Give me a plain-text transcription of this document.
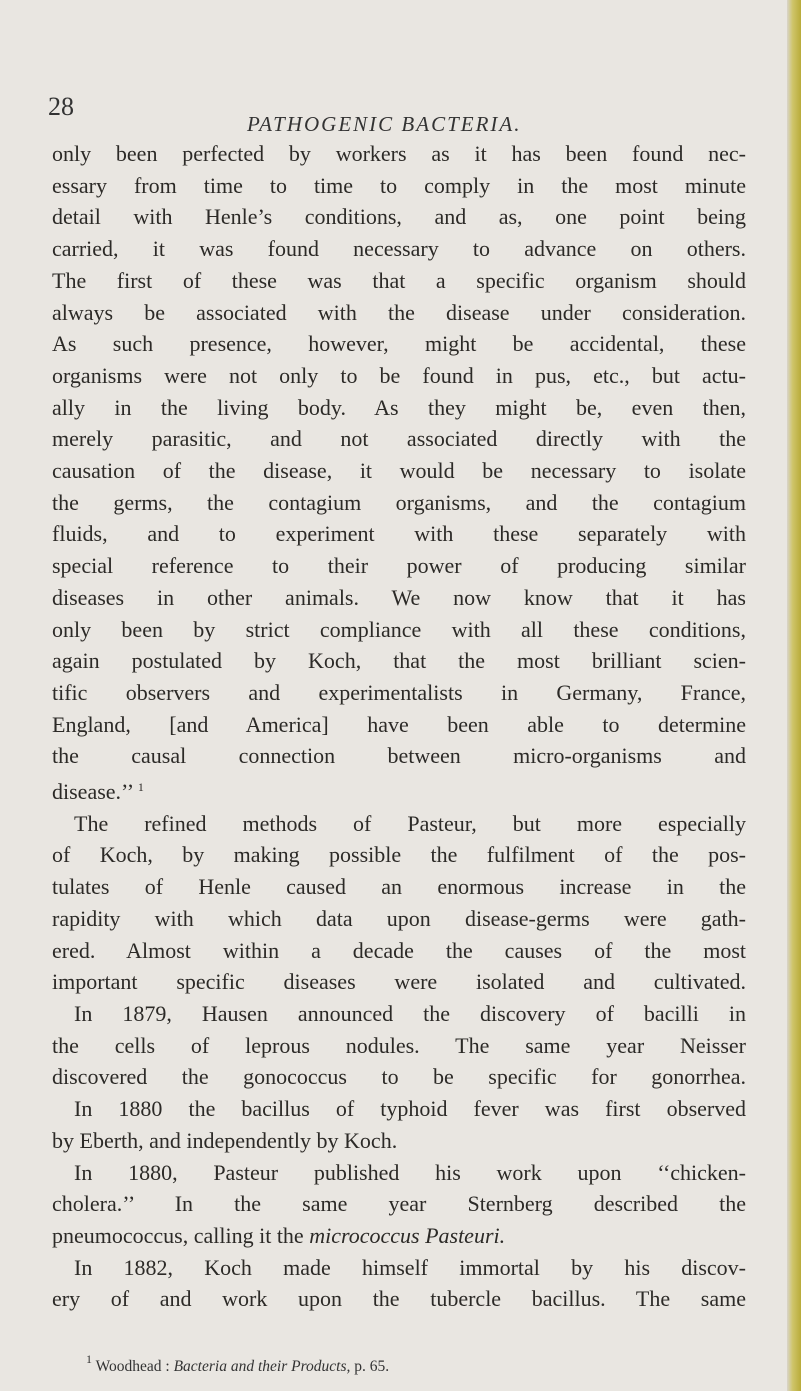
28
PATHOGENIC BACTERIA.
only been perfected by workers as it has been found nec-
essary from time to time to comply in the most minute
detail with Henle’s conditions, and as, one point being
carried, it was found necessary to advance on others.
The first of these was that a specific organism should
always be associated with the disease under consideration.
As such presence, however, might be accidental, these
organisms were not only to be found in pus, etc., but actu-
ally in the living body. As they might be, even then,
merely parasitic, and not associated directly with the
causation of the disease, it would be necessary to isolate
the germs, the contagium organisms, and the contagium
fluids, and to experiment with these separately with
special reference to their power of producing similar
diseases in other animals. We now know that it has
only been by strict compliance with all these conditions,
again postulated by Koch, that the most brilliant scien-
tific observers and experimentalists in Germany, France,
England, [and America] have been able to determine
the causal connection between micro-organisms and
disease.’’ $^1$
The refined methods of Pasteur, but more especially
of Koch, by making possible the fulfilment of the pos-
tulates of Henle caused an enormous increase in the
rapidity with which data upon disease-germs were gath-
ered. Almost within a decade the causes of the most
important specific diseases were isolated and cultivated.
In 1879, Hausen announced the discovery of bacilli in
the cells of leprous nodules. The same year Neisser
discovered the gonococcus to be specific for gonorrhea.
In 1880 the bacillus of typhoid fever was first observed
by Eberth, and independently by Koch.
In 1880, Pasteur published his work upon ‘‘chicken-
cholera.’’ In the same year Sternberg described the
pneumococcus, calling it the micrococcus Pasteuri.
In 1882, Koch made himself immortal by his discov-
ery of and work upon the tubercle bacillus. The same
$^1$ Woodhead : Bacteria and their Products, p. 65.
